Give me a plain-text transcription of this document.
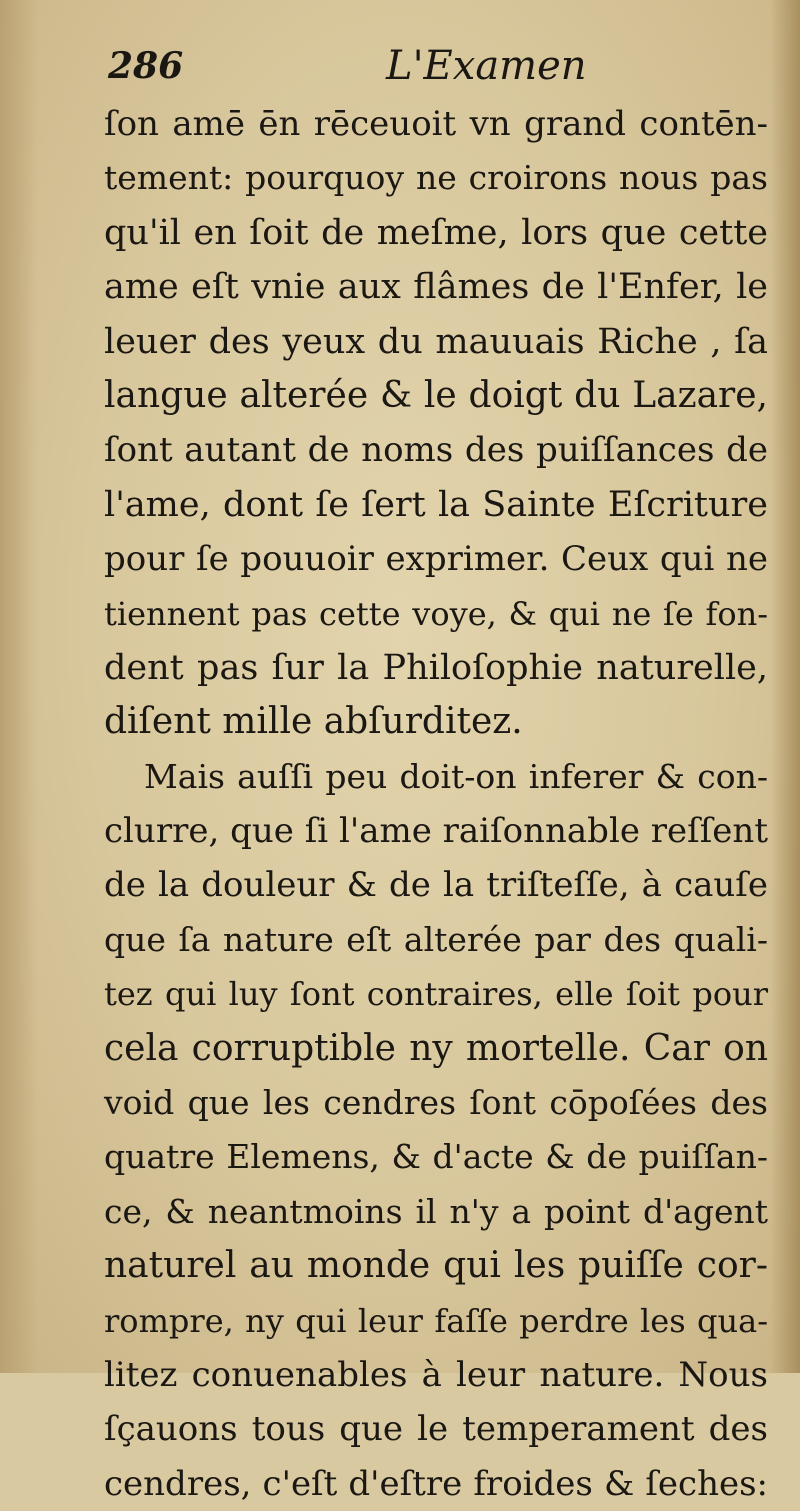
286	L'Examen
ſon amē ēn rēceuoit vn grand contēn-
tement: pourquoy ne croirons nous pas
qu'il en ſoit de meſme, lors que cette
ame eſt vnie aux flâmes de l'Enfer, le
leuer des yeux du mauuais Riche , ſa
langue alterée & le doigt du Lazare,
ſont autant de noms des puiſſances de
l'ame, dont ſe ſert la Sainte Eſcriture
pour ſe pouuoir exprimer. Ceux qui ne
tiennent pas cette voye, & qui ne ſe fon-
dent pas ſur la Philoſophie naturelle,
diſent mille abſurditez.
Mais auſſi peu doit-on inferer & con-
clurre, que ſi l'ame raiſonnable reſſent
de la douleur & de la triſteſſe, à cauſe
que ſa nature eſt alterée par des quali-
tez qui luy ſont contraires, elle ſoit pour
cela corruptible ny mortelle. Car on
void que les cendres ſont cōpoſées des
quatre Elemens, & d'acte & de puiſſan-
ce, & neantmoins il n'y a point d'agent
naturel au monde qui les puiſſe cor-
rompre, ny qui leur faſſe perdre les qua-
litez conuenables à leur nature. Nous
ſçauons tous que le temperament des
cendres, c'eſt d'eſtre froides & ſeches:
